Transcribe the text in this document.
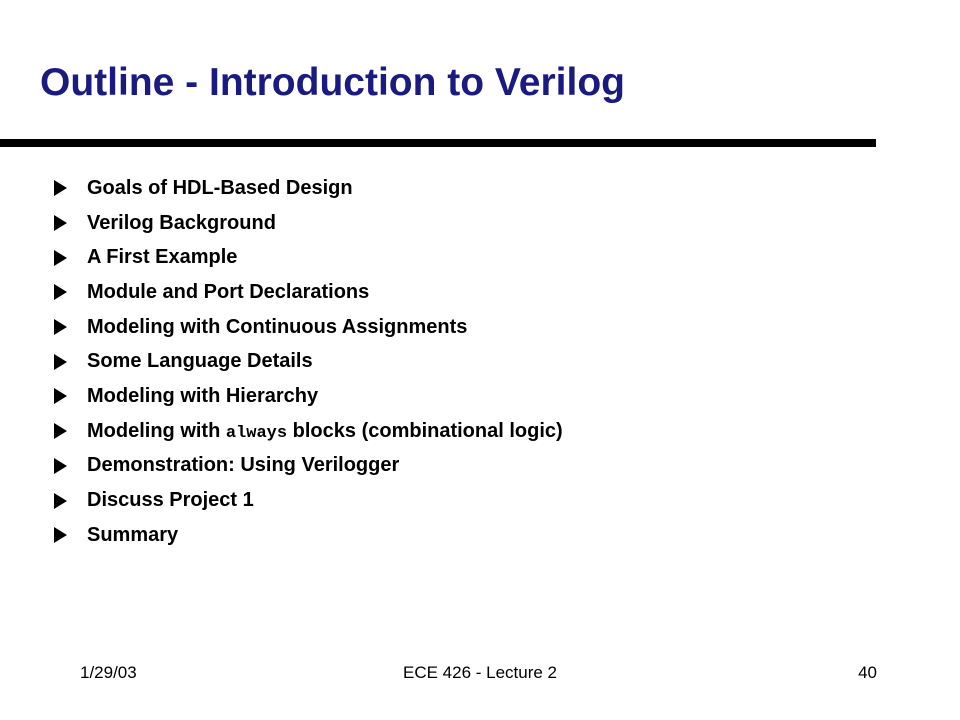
Outline - Introduction to Verilog
Goals of HDL-Based Design
Verilog Background
A First Example
Module and Port Declarations
Modeling with Continuous Assignments
Some Language Details
Modeling with Hierarchy
Modeling with always blocks (combinational logic)
Demonstration: Using Verilogger
Discuss Project 1
Summary
1/29/03	ECE 426 - Lecture 2	40
